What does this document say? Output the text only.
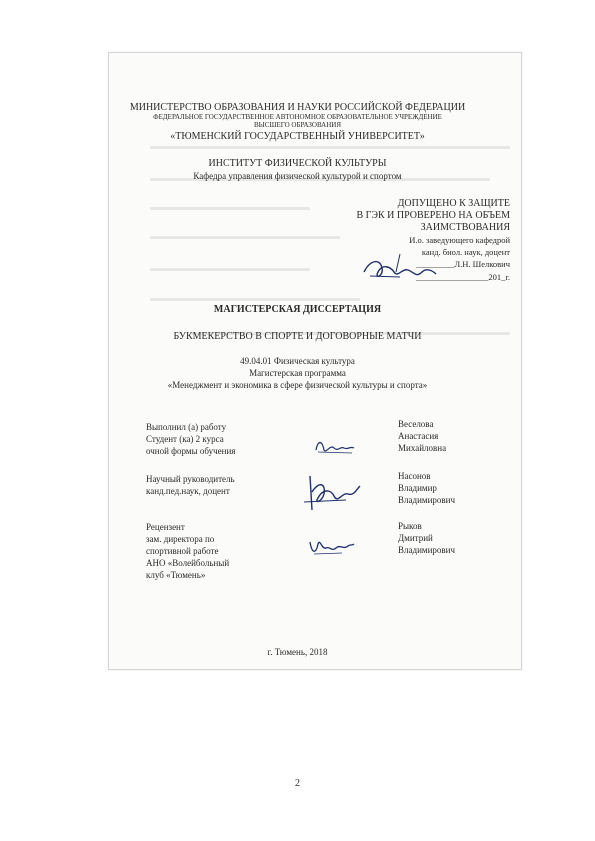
МИНИСТЕРСТВО ОБРАЗОВАНИЯ И НАУКИ РОССИЙСКОЙ ФЕДЕРАЦИИ
ФЕДЕРАЛЬНОЕ ГОСУДАРСТВЕННОЕ АВТОНОМНОЕ ОБРАЗОВАТЕЛЬНОЕ УЧРЕЖДЕНИЕ
ВЫСШЕГО ОБРАЗОВАНИЯ
«ТЮМЕНСКИЙ ГОСУДАРСТВЕННЫЙ УНИВЕРСИТЕТ»
ИНСТИТУТ ФИЗИЧЕСКОЙ КУЛЬТУРЫ
Кафедра управления физической культурой и спортом
ДОПУЩЕНО К ЗАЩИТЕ
В ГЭК И ПРОВЕРЕНО НА ОБЪЕМ
ЗАИМСТВОВАНИЯ
И.о. заведующего кафедрой
канд. биол. наук, доцент
_________Л.Н. Шелкович
_________________201_г.
МАГИСТЕРСКАЯ ДИССЕРТАЦИЯ
БУКМЕКЕРСТВО В СПОРТЕ И ДОГОВОРНЫЕ МАТЧИ
49.04.01 Физическая культура
Магистерская программа
«Менеджмент и экономика в сфере физической культуры и спорта»
Выполнил (а) работу
Студент (ка) 2 курса
очной формы обучения
Веселова
Анастасия
Михайловна
Научный руководитель
канд.пед.наук, доцент
Насонов
Владимир
Владимирович
Рецензент
зам. директора по
спортивной работе
АНО «Волейбольный
клуб «Тюмень»
Рыков
Дмитрий
Владимирович
г. Тюмень, 2018
2
